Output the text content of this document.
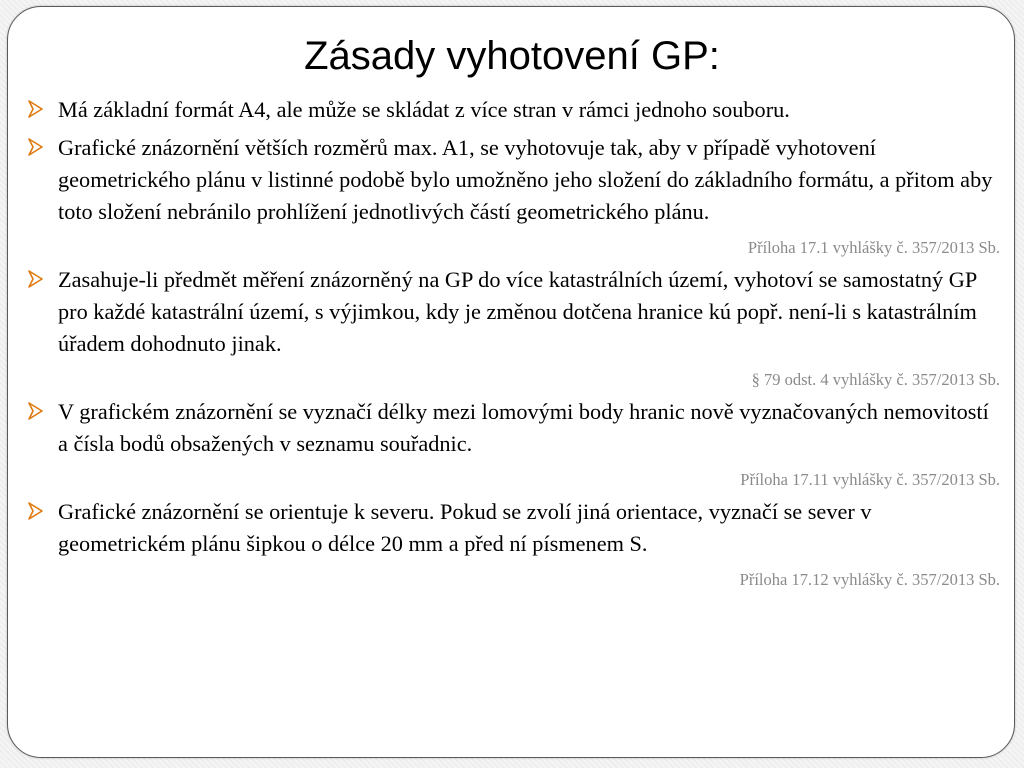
Zásady vyhotovení GP:
Má základní formát A4, ale může se skládat z více stran v rámci jednoho souboru.
Grafické znázornění větších rozměrů max. A1, se vyhotovuje tak, aby v případě vyhotovení geometrického plánu v listinné podobě bylo umožněno jeho složení do základního formátu, a přitom aby toto složení nebránilo prohlížení jednotlivých částí geometrického plánu.
Příloha 17.1 vyhlášky č. 357/2013 Sb.
Zasahuje-li předmět měření znázorněný na GP do více katastrálních území, vyhotoví se samostatný GP pro každé katastrální území, s výjimkou, kdy je změnou dotčena hranice kú popř. není-li s katastrálním úřadem dohodnuto jinak.
§ 79 odst. 4 vyhlášky č. 357/2013 Sb.
V grafickém znázornění se vyznačí délky mezi lomovými body hranic nově vyznačovaných nemovitostí a čísla bodů obsažených v seznamu souřadnic.
Příloha 17.11 vyhlášky č. 357/2013 Sb.
Grafické znázornění se orientuje k severu. Pokud se zvolí jiná orientace, vyznačí se sever v geometrickém plánu šipkou o délce 20 mm a před ní písmenem S.
Příloha 17.12 vyhlášky č. 357/2013 Sb.
